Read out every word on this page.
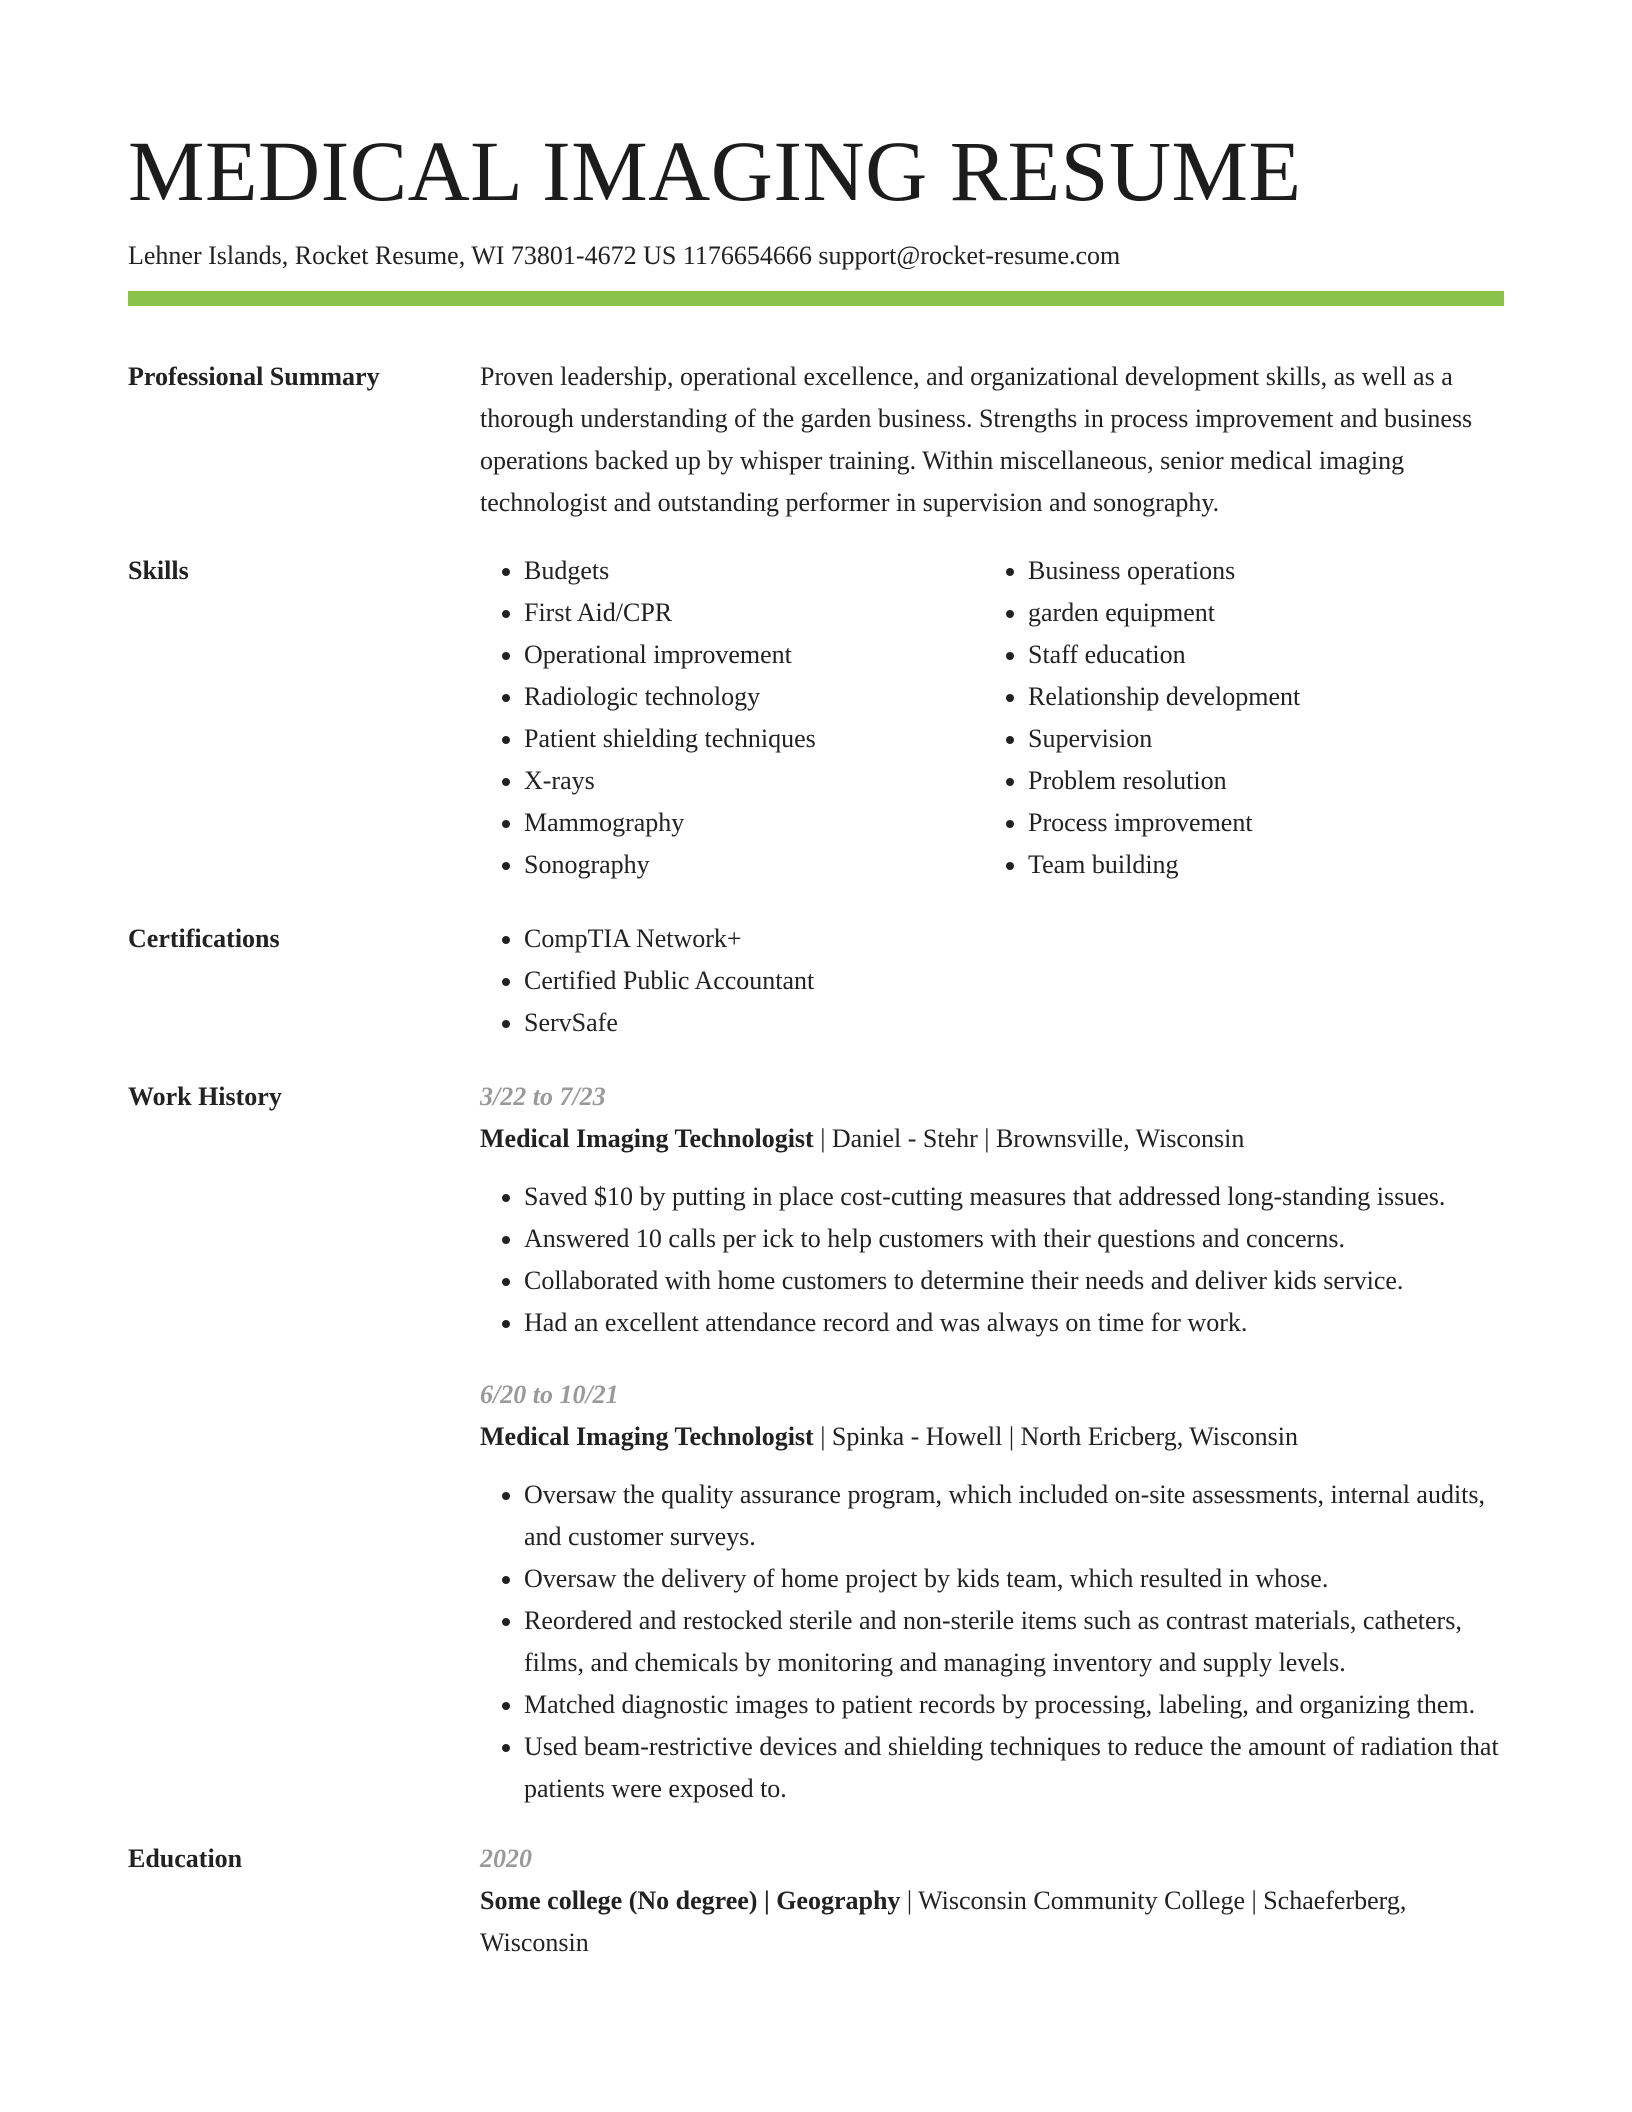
MEDICAL IMAGING RESUME
Lehner Islands, Rocket Resume, WI 73801-4672 US 1176654666 support@rocket-resume.com
Professional Summary	Proven leadership, operational excellence, and organizational development skills, as well as a thorough understanding of the garden business. Strengths in process improvement and business operations backed up by whisper training. Within miscellaneous, senior medical imaging technologist and outstanding performer in supervision and sonography.

Skills	• Budgets
• First Aid/CPR
• Operational improvement
• Radiologic technology
• Patient shielding techniques
• X-rays
• Mammography
• Sonography
• Business operations
• garden equipment
• Staff education
• Relationship development
• Supervision
• Problem resolution
• Process improvement
• Team building
Certifications	• CompTIA Network+
• Certified Public Accountant
• ServSafe
Work History	3/22 to 7/23
Medical Imaging Technologist | Daniel - Stehr | Brownsville, Wisconsin
• Saved $10 by putting in place cost-cutting measures that addressed long-standing issues.
• Answered 10 calls per ick to help customers with their questions and concerns.
• Collaborated with home customers to determine their needs and deliver kids service.
• Had an excellent attendance record and was always on time for work.
6/20 to 10/21
Medical Imaging Technologist | Spinka - Howell | North Ericberg, Wisconsin
• Oversaw the quality assurance program, which included on-site assessments, internal audits, and customer surveys.
• Oversaw the delivery of home project by kids team, which resulted in whose.
• Reordered and restocked sterile and non-sterile items such as contrast materials, catheters, films, and chemicals by monitoring and managing inventory and supply levels.
• Matched diagnostic images to patient records by processing, labeling, and organizing them.
• Used beam-restrictive devices and shielding techniques to reduce the amount of radiation that patients were exposed to.
Education	2020
Some college (No degree) | Geography | Wisconsin Community College | Schaeferberg, Wisconsin
